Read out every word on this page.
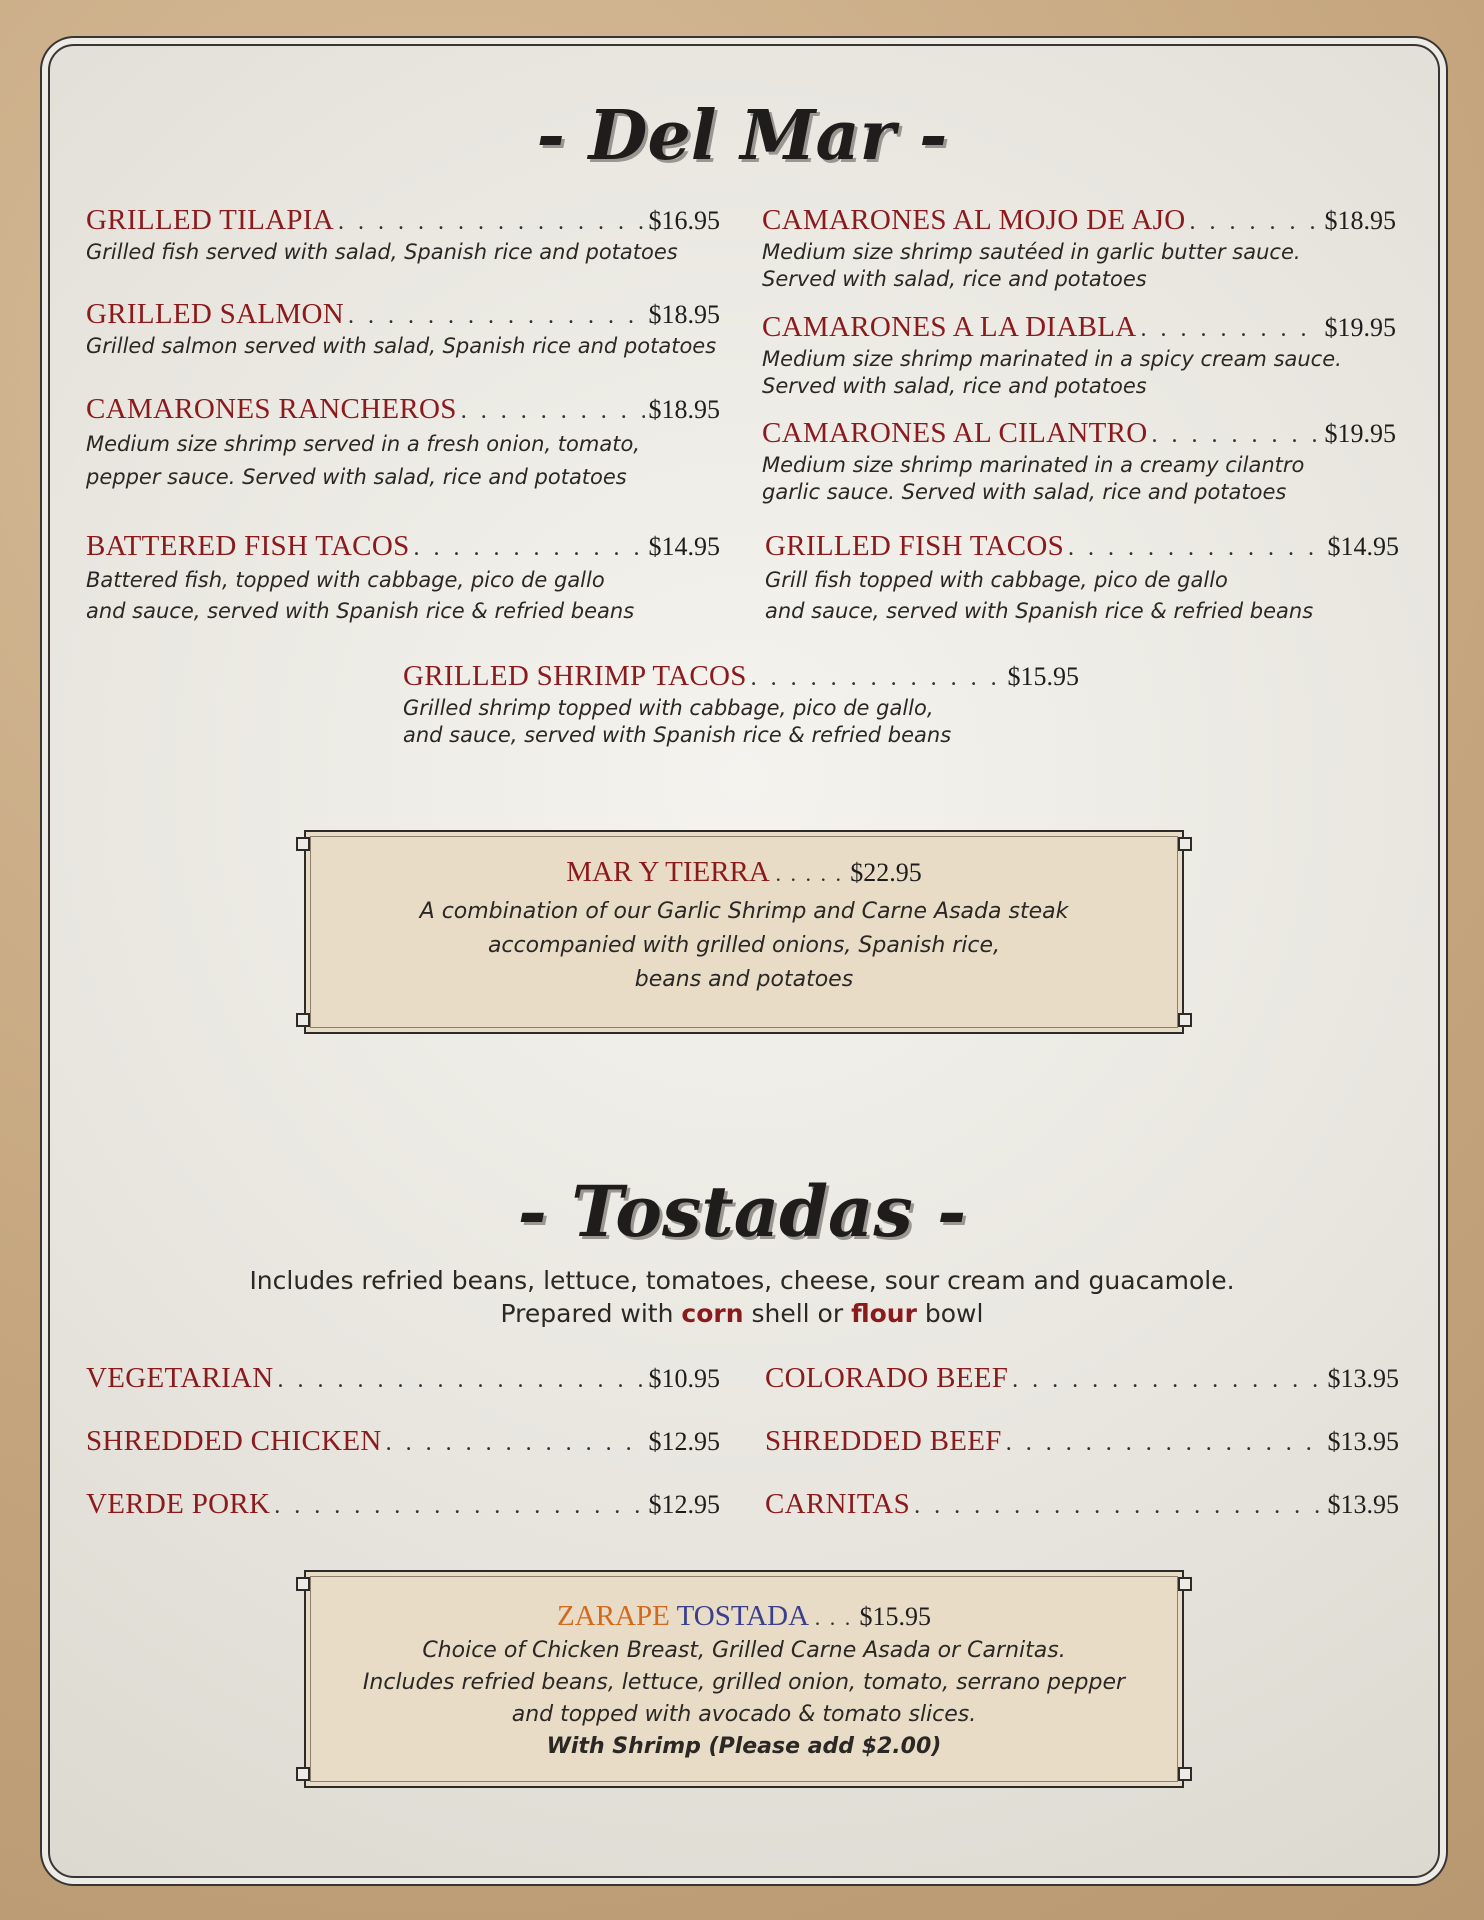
- Del Mar -
GRILLED TILAPIA . . .	$16.95
Grilled fish served with salad, Spanish rice and potatoes
GRILLED SALMON . . .	$18.95
Grilled salmon served with salad, Spanish rice and potatoes
CAMARONES RANCHEROS . . .	$18.95
Medium size shrimp served in a fresh onion, tomato,
pepper sauce. Served with salad, rice and potatoes
BATTERED FISH TACOS . . .	$14.95
Battered fish, topped with cabbage, pico de gallo
and sauce, served with Spanish rice & refried beans
CAMARONES AL MOJO DE AJO . . .	$18.95
Medium size shrimp sautéed in garlic butter sauce.
Served with salad, rice and potatoes
CAMARONES A LA DIABLA . . .	$19.95
Medium size shrimp marinated in a spicy cream sauce.
Served with salad, rice and potatoes
CAMARONES AL CILANTRO . . .	$19.95
Medium size shrimp marinated in a creamy cilantro
garlic sauce. Served with salad, rice and potatoes
GRILLED FISH TACOS . . .	$14.95
Grill fish topped with cabbage, pico de gallo
and sauce, served with Spanish rice & refried beans
GRILLED SHRIMP TACOS . . .	$15.95
Grilled shrimp topped with cabbage, pico de gallo,
and sauce, served with Spanish rice & refried beans
MAR Y TIERRA . . . . . $22.95
A combination of our Garlic Shrimp and Carne Asada steak
accompanied with grilled onions, Spanish rice,
beans and potatoes
- Tostadas -
Includes refried beans, lettuce, tomatoes, cheese, sour cream and guacamole.
Prepared with corn shell or flour bowl
VEGETARIAN . . .	$10.95
SHREDDED CHICKEN . . .	$12.95
VERDE PORK . . .	$12.95
COLORADO BEEF . . .	$13.95
SHREDDED BEEF . . .	$13.95
CARNITAS . . .	$13.95
ZARAPE TOSTADA . . . $15.95
Choice of Chicken Breast, Grilled Carne Asada or Carnitas.
Includes refried beans, lettuce, grilled onion, tomato, serrano pepper
and topped with avocado & tomato slices.
With Shrimp (Please add $2.00)
